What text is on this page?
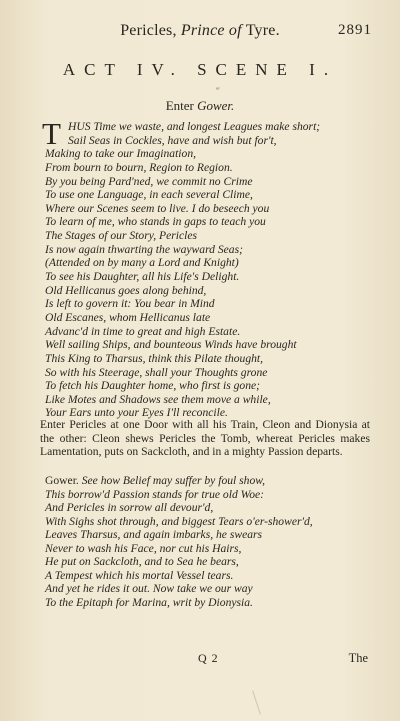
Pericles, Prince of Tyre.	2891
ACT IV. SCENE I.
‴
Enter Gower.
T HUS Time we waste, and longest Leagues make short;
Sail Seas in Cockles, have and wish but for't,
Making to take our Imagination,
From bourn to bourn, Region to Region.
By you being Pard'ned, we commit no Crime
To use one Language, in each several Clime,
Where our Scenes seem to live. I do beseech you
To learn of me, who stands in gaps to teach you
The Stages of our Story, Pericles
Is now again thwarting the wayward Seas;
(Attended on by many a Lord and Knight)
To see his Daughter, all his Life's Delight.
Old Hellicanus goes along behind,
Is left to govern it: You bear in Mind
Old Escanes, whom Hellicanus late
Advanc'd in time to great and high Estate.
Well sailing Ships, and bounteous Winds have brought
This King to Tharsus, think this Pilate thought,
So with his Steerage, shall your Thoughts grone
To fetch his Daughter home, who first is gone;
Like Motes and Shadows see them move a while,
Your Ears unto your Eyes I'll reconcile.
Enter Pericles at one Door with all his Train, Cleon and Dionysia at the other: Cleon shews Pericles the Tomb, whereat Pericles makes Lamentation, puts on Sackcloth, and in a mighty Passion departs.
Gower. See how Belief may suffer by foul show,
This borrow'd Passion stands for true old Woe:
And Pericles in sorrow all devour'd,
With Sighs shot through, and biggest Tears o'er-shower'd,
Leaves Tharsus, and again imbarks, he swears
Never to wash his Face, nor cut his Hairs,
He put on Sackcloth, and to Sea he bears,
A Tempest which his mortal Vessel tears.
And yet he rides it out. Now take we our way
To the Epitaph for Marina, writ by Dionysia.
Q 2	The
